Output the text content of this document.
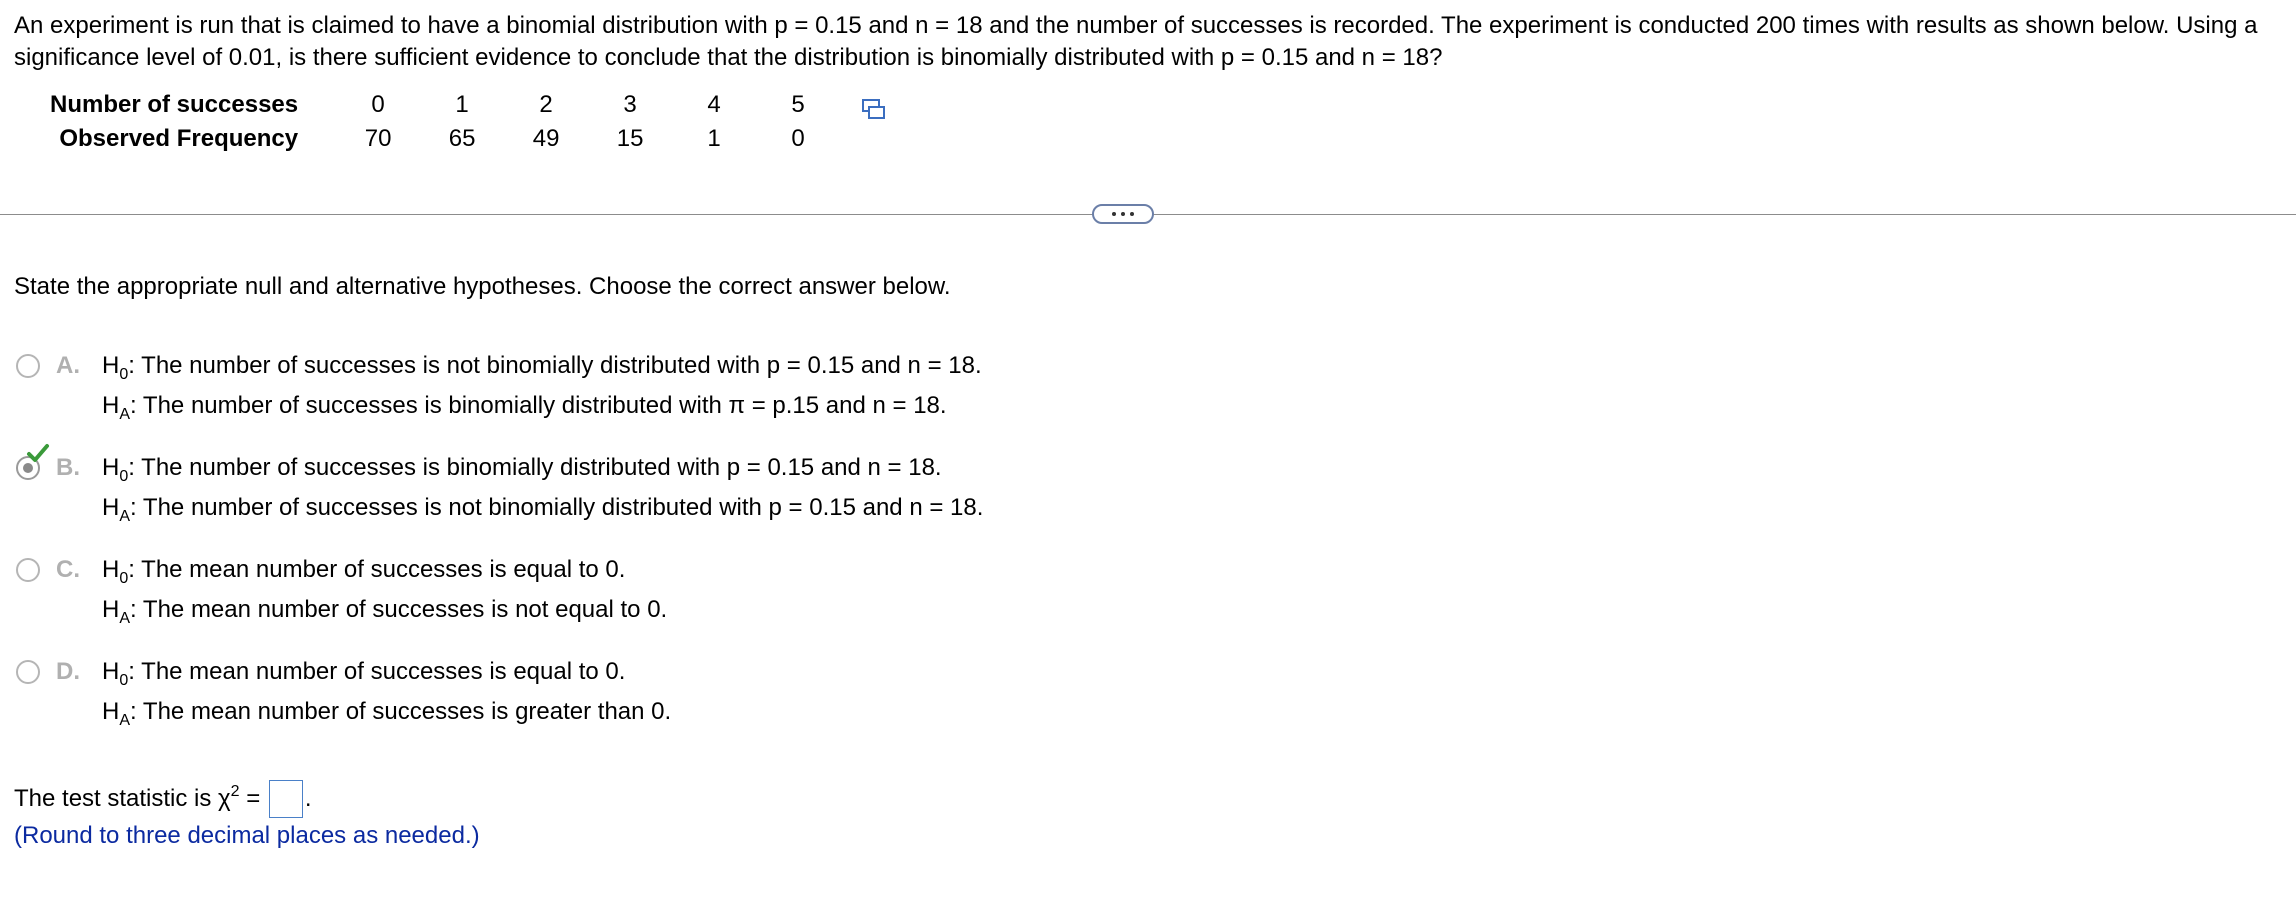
An experiment is run that is claimed to have a binomial distribution with p = 0.15 and n = 18 and the number of successes is recorded. The experiment is conducted 200 times with results as shown below. Using a significance level of 0.01, is there sufficient evidence to conclude that the distribution is binomially distributed with p = 0.15 and n = 18?
Number of successes	0	1	2	3	4	5
Observed Frequency	70	65	49	15	1	0
State the appropriate null and alternative hypotheses. Choose the correct answer below.
A. $H_0$: The number of successes is not binomially distributed with p = 0.15 and n = 18.
$H_A$: The number of successes is binomially distributed with π = p.15 and n = 18.
B. $H_0$: The number of successes is binomially distributed with p = 0.15 and n = 18.
$H_A$: The number of successes is not binomially distributed with p = 0.15 and n = 18.
C. $H_0$: The mean number of successes is equal to 0.
$H_A$: The mean number of successes is not equal to 0.
D. $H_0$: The mean number of successes is equal to 0.
$H_A$: The mean number of successes is greater than 0.
The test statistic is $\chi^2$ = .
(Round to three decimal places as needed.)
